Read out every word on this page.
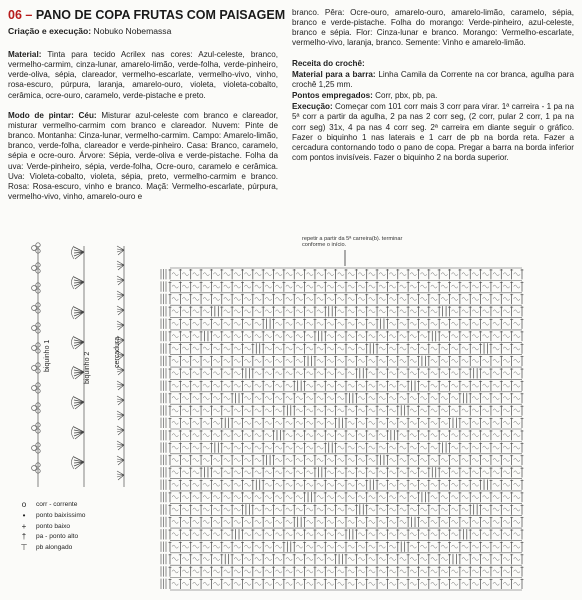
06 – PANO DE COPA FRUTAS COM PAISAGEM
Criação e execução: Nobuko Nobemassa

Material: Tinta para tecido Acrilex nas cores: Azul-celeste, branco, vermelho-carmim, cinza-lunar, amarelo-limão, verde-folha, verde-pinheiro, verde-oliva, sépia, clareador, vermelho-escarlate, vermelho-vivo, vinho, rosa-escuro, púrpura, laranja, amarelo-ouro, violeta, violeta-cobalto, cerâmica, ocre-ouro, caramelo, verde-pistache e preto.

Modo de pintar: Céu: Misturar azul-celeste com branco e clareador, misturar vermelho-carmim com branco e clareador. Nuvem: Pinte de branco. Montanha: Cinza-lunar, vermelho-carmim. Campo: Amarelo-limão, branco, verde-folha, clareador e verde-pinheiro. Casa: Branco, caramelo, sépia e ocre-ouro. Árvore: Sépia, verde-oliva e verde-pistache. Folha da uva: Verde-pinheiro, sépia, verde-folha, Ocre-ouro, caramelo e cerâmica. Uva: Violeta-cobalto, violeta, sépia, preto, vermelho-carmim e branco. Rosa: Rosa-escuro, vinho e branco. Maçã: Vermelho-escarlate, púrpura, vermelho-vivo, vinho, amarelo-ouro e

branco. Pêra: Ocre-ouro, amarelo-ouro, amarelo-limão, caramelo, sépia, branco e verde-pistache. Folha do morango: Verde-pinheiro, azul-celeste, branco e sépia. Flor: Cinza-lunar e branco. Morango: Vermelho-escarlate, vermelho-vivo, laranja, branco. Semente: Vinho e amarelo-limão.

Receita do crochê:

Material para a barra: Linha Camila da Corrente na cor branca, agulha para crochê 1,25 mm.

Pontos empregados: Corr, pbx, pb, pa.

Execução: Começar com 101 corr mais 3 corr para virar. 1ª carreira - 1 pa na 5ª corr a partir da agulha, 2 pa nas 2 corr seg, (2 corr, pular 2 corr, 1 pa na corr seg) 31x, 4 pa nas 4 corr seg. 2ª carreira em diante seguir o gráfico. Fazer o biquinho 1 nas laterais e 1 carr de pb na borda reta. Fazer a cercadura contornando todo o pano de copa. Pregar a barra na borda inferior com pontos invisíveis. Fazer o biquinho 2 na borda superior.

repetir a partir da 5ª carreira(b). terminar conforme o início.
biquinho 1	biquinho 2	cercadura
o	corr - corrente
•	ponto baixíssimo
+	ponto baixo
†	pa - ponto alto
⊤	pb alongado
